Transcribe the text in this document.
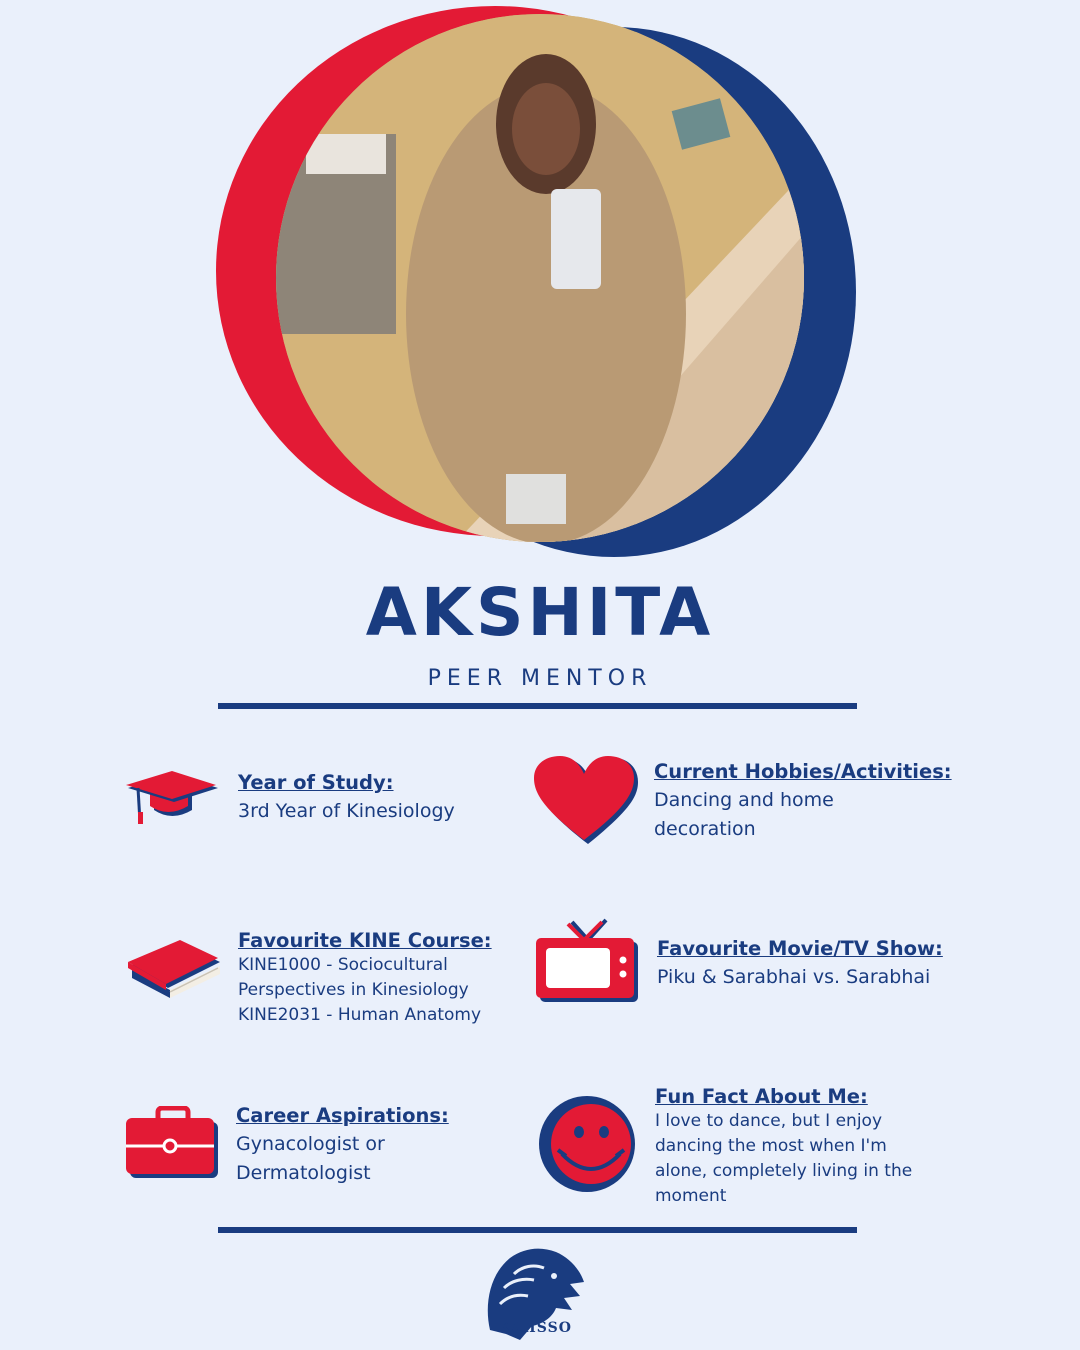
AKSHITA
PEER MENTOR
Year of Study:
3rd Year of Kinesiology
Current Hobbies/Activities:
Dancing and home
decoration
Favourite KINE Course:
KINE1000 - Sociocultural
Perspectives in Kinesiology
KINE2031 - Human Anatomy
Favourite Movie/TV Show:
Piku & Sarabhai vs. Sarabhai
Career Aspirations:
Gynacologist or
Dermatologist
Fun Fact About Me:
I love to dance, but I enjoy
dancing the most when I'm
alone, completely living in the
moment
KAHSSO
